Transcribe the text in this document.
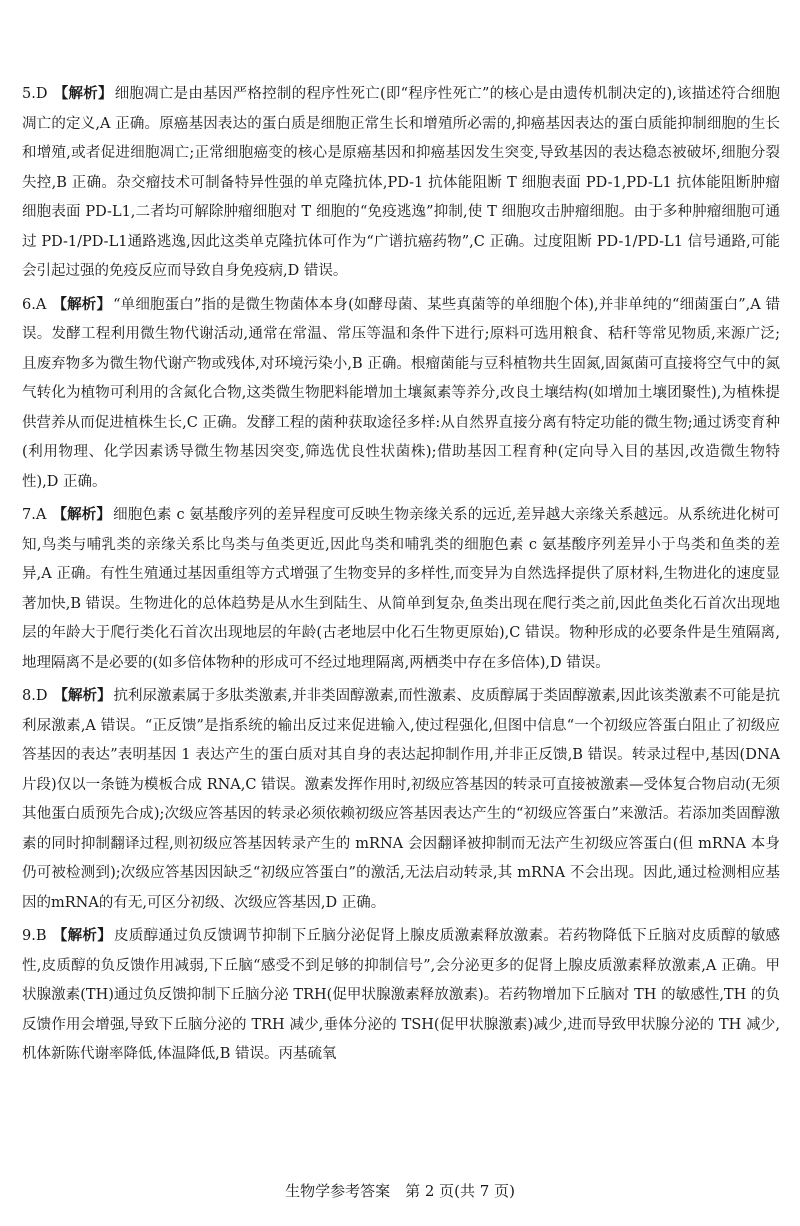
5.D 【解析】 细胞凋亡是由基因严格控制的程序性死亡(即“程序性死亡”的核心是由遗传机制决定的),该描述符合细胞凋亡的定义,A 正确。原癌基因表达的蛋白质是细胞正常生长和增殖所必需的,抑癌基因表达的蛋白质能抑制细胞的生长和增殖,或者促进细胞凋亡;正常细胞癌变的核心是原癌基因和抑癌基因发生突变,导致基因的表达稳态被破坏,细胞分裂失控,B 正确。杂交瘤技术可制备特异性强的单克隆抗体,PD-1 抗体能阻断 T 细胞表面 PD-1,PD-L1 抗体能阻断肿瘤细胞表面 PD-L1,二者均可解除肿瘤细胞对 T 细胞的“免疫逃逸”抑制,使 T 细胞攻击肿瘤细胞。由于多种肿瘤细胞可通过 PD-1/PD-L1通路逃逸,因此这类单克隆抗体可作为“广谱抗癌药物”,C 正确。过度阻断 PD-1/PD-L1 信号通路,可能会引起过强的免疫反应而导致自身免疫病,D 错误。
6.A 【解析】 “单细胞蛋白”指的是微生物菌体本身(如酵母菌、某些真菌等的单细胞个体),并非单纯的“细菌蛋白”,A 错误。发酵工程利用微生物代谢活动,通常在常温、常压等温和条件下进行;原料可选用粮食、秸秆等常见物质,来源广泛;且废弃物多为微生物代谢产物或残体,对环境污染小,B 正确。根瘤菌能与豆科植物共生固氮,固氮菌可直接将空气中的氮气转化为植物可利用的含氮化合物,这类微生物肥料能增加土壤氮素等养分,改良土壤结构(如增加土壤团聚性),为植株提供营养从而促进植株生长,C 正确。发酵工程的菌种获取途径多样:从自然界直接分离有特定功能的微生物;通过诱变育种(利用物理、化学因素诱导微生物基因突变,筛选优良性状菌株);借助基因工程育种(定向导入目的基因,改造微生物特性),D 正确。
7.A 【解析】 细胞色素 c 氨基酸序列的差异程度可反映生物亲缘关系的远近,差异越大亲缘关系越远。从系统进化树可知,鸟类与哺乳类的亲缘关系比鸟类与鱼类更近,因此鸟类和哺乳类的细胞色素 c 氨基酸序列差异小于鸟类和鱼类的差异,A 正确。有性生殖通过基因重组等方式增强了生物变异的多样性,而变异为自然选择提供了原材料,生物进化的速度显著加快,B 错误。生物进化的总体趋势是从水生到陆生、从简单到复杂,鱼类出现在爬行类之前,因此鱼类化石首次出现地层的年龄大于爬行类化石首次出现地层的年龄(古老地层中化石生物更原始),C 错误。物种形成的必要条件是生殖隔离,地理隔离不是必要的(如多倍体物种的形成可不经过地理隔离,两栖类中存在多倍体),D 错误。
8.D 【解析】 抗利尿激素属于多肽类激素,并非类固醇激素,而性激素、皮质醇属于类固醇激素,因此该类激素不可能是抗利尿激素,A 错误。“正反馈”是指系统的输出反过来促进输入,使过程强化,但图中信息“一个初级应答蛋白阻止了初级应答基因的表达”表明基因 1 表达产生的蛋白质对其自身的表达起抑制作用,并非正反馈,B 错误。转录过程中,基因(DNA 片段)仅以一条链为模板合成 RNA,C 错误。激素发挥作用时,初级应答基因的转录可直接被激素—受体复合物启动(无须其他蛋白质预先合成);次级应答基因的转录必须依赖初级应答基因表达产生的“初级应答蛋白”来激活。若添加类固醇激素的同时抑制翻译过程,则初级应答基因转录产生的 mRNA 会因翻译被抑制而无法产生初级应答蛋白(但 mRNA 本身仍可被检测到);次级应答基因因缺乏“初级应答蛋白”的激活,无法启动转录,其 mRNA 不会出现。因此,通过检测相应基因的mRNA的有无,可区分初级、次级应答基因,D 正确。
9.B 【解析】 皮质醇通过负反馈调节抑制下丘脑分泌促肾上腺皮质激素释放激素。若药物降低下丘脑对皮质醇的敏感性,皮质醇的负反馈作用减弱,下丘脑“感受不到足够的抑制信号”,会分泌更多的促肾上腺皮质激素释放激素,A 正确。甲状腺激素(TH)通过负反馈抑制下丘脑分泌 TRH(促甲状腺激素释放激素)。若药物增加下丘脑对 TH 的敏感性,TH 的负反馈作用会增强,导致下丘脑分泌的 TRH 减少,垂体分泌的 TSH(促甲状腺激素)减少,进而导致甲状腺分泌的 TH 减少,机体新陈代谢率降低,体温降低,B 错误。丙基硫氧
生物学参考答案　第 2 页(共 7 页)
